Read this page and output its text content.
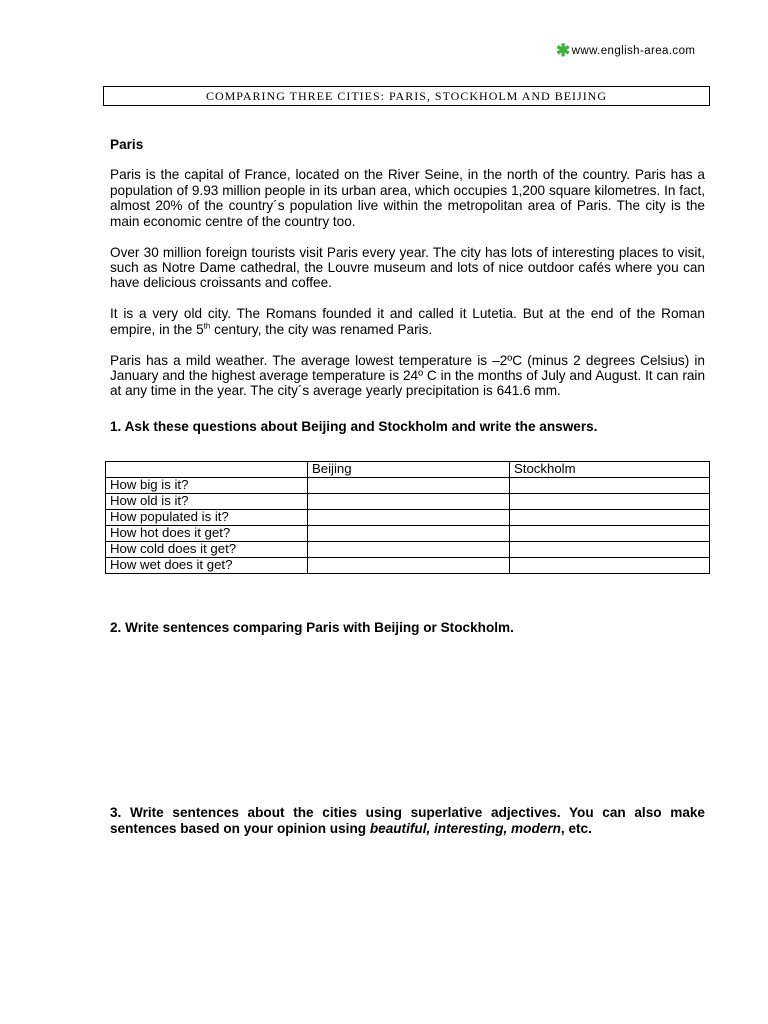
✱ www.english-area.com
COMPARING THREE CITIES: PARIS, STOCKHOLM AND BEIJING

Paris

Paris is the capital of France, located on the River Seine, in the north of the country. Paris has a population of 9.93 million people in its urban area, which occupies 1,200 square kilometres. In fact, almost 20% of the country´s population live within the metropolitan area of Paris. The city is the main economic centre of the country too.

Over 30 million foreign tourists visit Paris every year. The city has lots of interesting places to visit, such as Notre Dame cathedral, the Louvre museum and lots of nice outdoor cafés where you can have delicious croissants and coffee.

It is a very old city. The Romans founded it and called it Lutetia. But at the end of the Roman empire, in the 5th century, the city was renamed Paris.

Paris has a mild weather. The average lowest temperature is –2ºC (minus 2 degrees Celsius) in January and the highest average temperature is 24º C in the months of July and August. It can rain at any time in the year. The city´s average yearly precipitation is 641.6 mm.

1. Ask these questions about Beijing and Stockholm and write the answers.

	Beijing	Stockholm
How big is it?		
How old is it?		
How populated is it?		
How hot does it get?		
How cold does it get?		
How wet does it get?		
2. Write sentences comparing Paris with Beijing or Stockholm.
3. Write sentences about the cities using superlative adjectives. You can also make sentences based on your opinion using beautiful, interesting, modern, etc.
